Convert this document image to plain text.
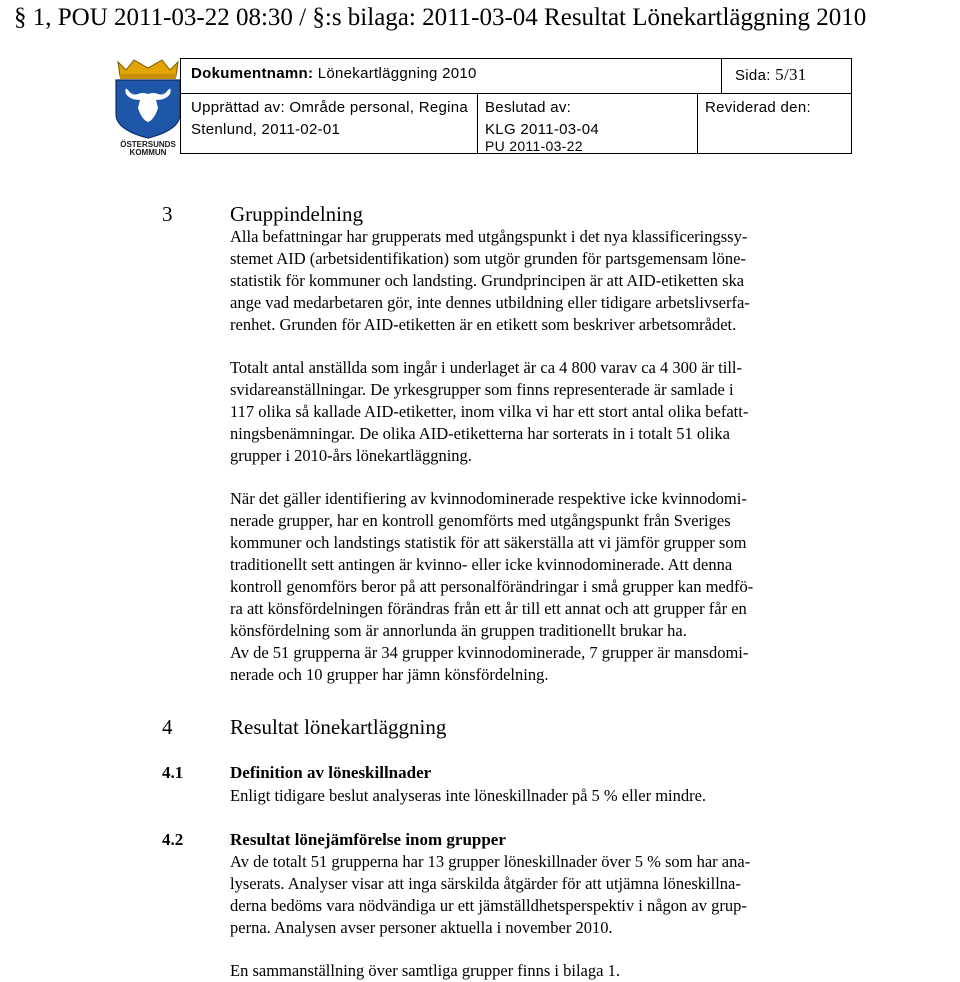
§ 1, POU 2011-03-22 08:30 / §:s bilaga: 2011-03-04 Resultat Lönekartläggning 2010
ÖSTERSUNDS
KOMMUN
Dokumentnamn: Lönekartläggning 2010	Sida: 5/31
Upprättad av: Område personal, Regina
Stenlund, 2011-02-01
Beslutad av:
KLG 2011-03-04
PU 2011-03-22
Reviderad den:
3	Gruppindelning
Alla befattningar har grupperats med utgångspunkt i det nya klassificeringssy-
stemet AID (arbetsidentifikation) som utgör grunden för partsgemensam löne-
statistik för kommuner och landsting. Grundprincipen är att AID-etiketten ska
ange vad medarbetaren gör, inte dennes utbildning eller tidigare arbetslivserfa-
renhet. Grunden för AID-etiketten är en etikett som beskriver arbetsområdet.
Totalt antal anställda som ingår i underlaget är ca 4 800 varav ca 4 300 är till-
svidareanställningar. De yrkesgrupper som finns representerade är samlade i
117 olika så kallade AID-etiketter, inom vilka vi har ett stort antal olika befatt-
ningsbenämningar. De olika AID-etiketterna har sorterats in i totalt 51 olika
grupper i 2010-års lönekartläggning.
När det gäller identifiering av kvinnodominerade respektive icke kvinnodomi-
nerade grupper, har en kontroll genomförts med utgångspunkt från Sveriges
kommuner och landstings statistik för att säkerställa att vi jämför grupper som
traditionellt sett antingen är kvinno- eller icke kvinnodominerade. Att denna
kontroll genomförs beror på att personalförändringar i små grupper kan medfö-
ra att könsfördelningen förändras från ett år till ett annat och att grupper får en
könsfördelning som är annorlunda än gruppen traditionellt brukar ha.
Av de 51 grupperna är 34 grupper kvinnodominerade, 7 grupper är mansdomi-
nerade och 10 grupper har jämn könsfördelning.
4	Resultat lönekartläggning
4.1	Definition av löneskillnader
Enligt tidigare beslut analyseras inte löneskillnader på 5 % eller mindre.
4.2	Resultat lönejämförelse inom grupper
Av de totalt 51 grupperna har 13 grupper löneskillnader över 5 % som har ana-
lyserats. Analyser visar att inga särskilda åtgärder för att utjämna löneskillna-
derna bedöms vara nödvändiga ur ett jämställdhetsperspektiv i någon av grup-
perna. Analysen avser personer aktuella i november 2010.
En sammanställning över samtliga grupper finns i bilaga 1.
